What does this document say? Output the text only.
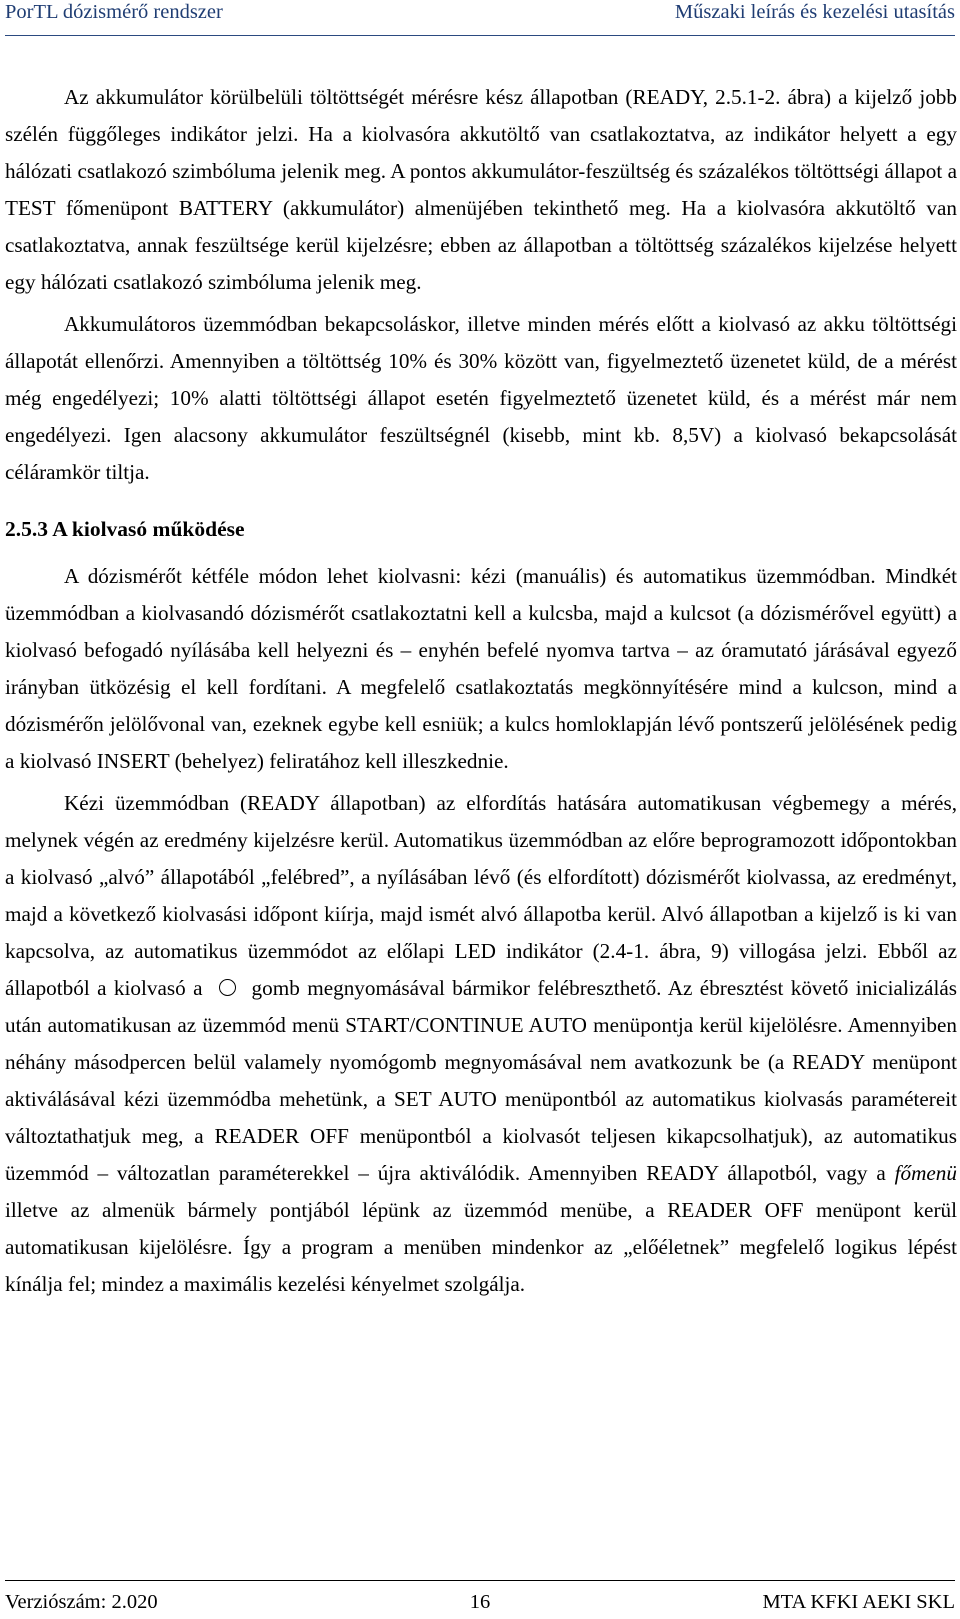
PorTL dózismérő rendszer	Műszaki leírás és kezelési utasítás

Az akkumulátor körülbelüli töltöttségét mérésre kész állapotban (READY, 2.5.1-2. ábra) a kijelző jobb szélén függőleges indikátor jelzi. Ha a kiolvasóra akkutöltő van csatlakoztatva, az indikátor helyett a egy hálózati csatlakozó szimbóluma jelenik meg. A pontos akkumulátor-feszültség és százalékos töltöttségi állapot a TEST főmenüpont BATTERY (akkumulátor) almenüjében tekinthető meg. Ha a kiolvasóra akkutöltő van csatlakoztatva, annak feszültsége kerül kijelzésre; ebben az állapotban a töltöttség százalékos kijelzése helyett egy hálózati csatlakozó szimbóluma jelenik meg.

Akkumulátoros üzemmódban bekapcsoláskor, illetve minden mérés előtt a kiolvasó az akku töltöttségi állapotát ellenőrzi. Amennyiben a töltöttség 10% és 30% között van, figyelmeztető üzenetet küld, de a mérést még engedélyezi; 10% alatti töltöttségi állapot esetén figyelmeztető üzenetet küld, és a mérést már nem engedélyezi. Igen alacsony akkumulátor feszültségnél (kisebb, mint kb. 8,5V) a kiolvasó bekapcsolását céláramkör tiltja.

2.5.3 A kiolvasó működése

A dózismérőt kétféle módon lehet kiolvasni: kézi (manuális) és automatikus üzemmódban. Mindkét üzemmódban a kiolvasandó dózismérőt csatlakoztatni kell a kulcsba, majd a kulcsot (a dózismérővel együtt) a kiolvasó befogadó nyílásába kell helyezni és – enyhén befelé nyomva tartva – az óramutató járásával egyező irányban ütközésig el kell fordítani. A megfelelő csatlakoztatás megkönnyítésére mind a kulcson, mind a dózismérőn jelölővonal van, ezeknek egybe kell esniük; a kulcs homloklapján lévő pontszerű jelölésének pedig a kiolvasó INSERT (behelyez) feliratához kell illeszkednie.

Kézi üzemmódban (READY állapotban) az elfordítás hatására automatikusan végbemegy a mérés, melynek végén az eredmény kijelzésre kerül. Automatikus üzemmódban az előre beprogramozott időpontokban a kiolvasó „alvó” állapotából „felébred”, a nyílásában lévő (és elfordított) dózismérőt kiolvassa, az eredményt, majd a következő kiolvasási időpont kiírja, majd ismét alvó állapotba kerül. Alvó állapotban a kijelző is ki van kapcsolva, az automatikus üzemmódot az előlapi LED indikátor (2.4-1. ábra, 9) villogása jelzi. Ebből az állapotból a kiolvasó a gomb megnyomásával bármikor felébreszthető. Az ébresztést követő inicializálás után automatikusan az üzemmód menü START/CONTINUE AUTO menüpontja kerül kijelölésre. Amennyiben néhány másodpercen belül valamely nyomógomb megnyomásával nem avatkozunk be (a READY menüpont aktiválásával kézi üzemmódba mehetünk, a SET AUTO menüpontból az automatikus kiolvasás paramétereit változtathatjuk meg, a READER OFF menüpontból a kiolvasót teljesen kikapcsolhatjuk), az automatikus üzemmód – változatlan paraméterekkel – újra aktiválódik. Amennyiben READY állapotból, vagy a főmenü illetve az almenük bármely pontjából lépünk az üzemmód menübe, a READER OFF menüpont kerül automatikusan kijelölésre. Így a program a menüben mindenkor az „előéletnek” megfelelő logikus lépést kínálja fel; mindez a maximális kezelési kényelmet szolgálja.

Verziószám: 2.020	16	MTA KFKI AEKI SKL
